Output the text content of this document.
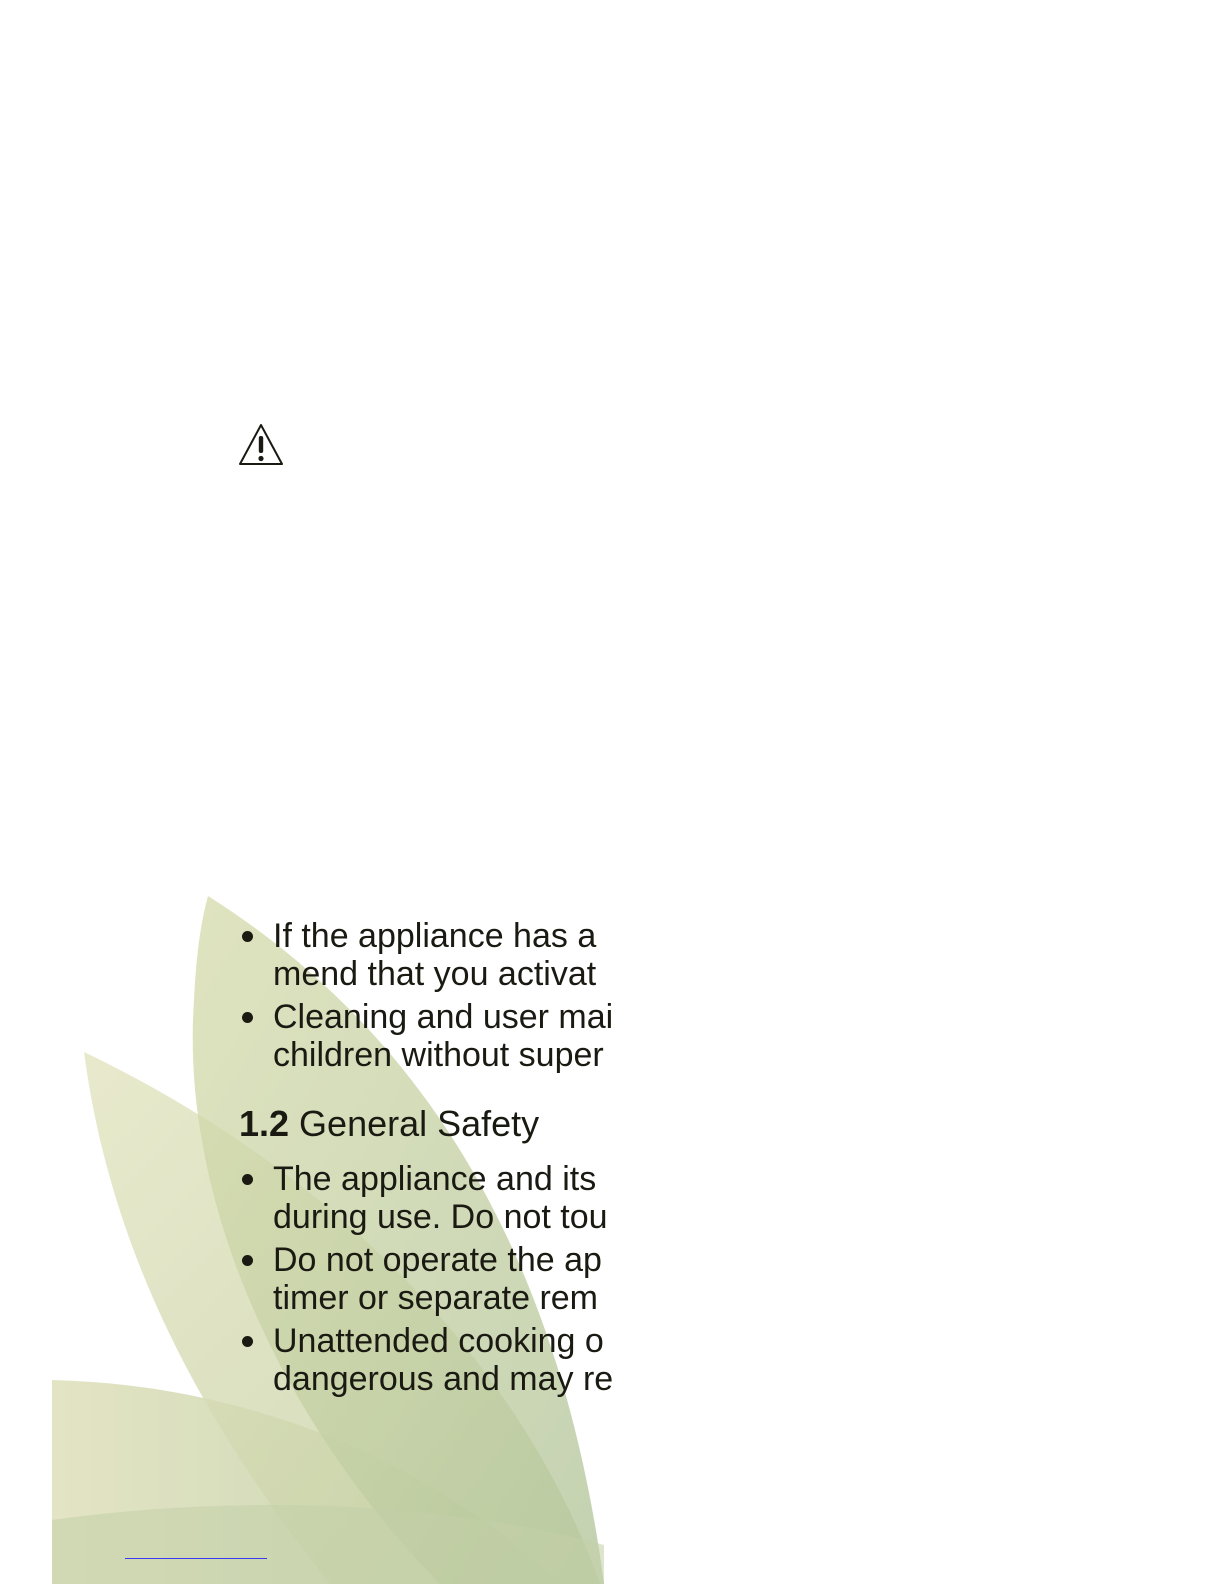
If the appliance has a
mend that you activat
Cleaning and user mai
children without super
1.2 General Safety
The appliance and its
during use. Do not tou
Do not operate the ap
timer or separate rem
Unattended cooking o
dangerous and may re
